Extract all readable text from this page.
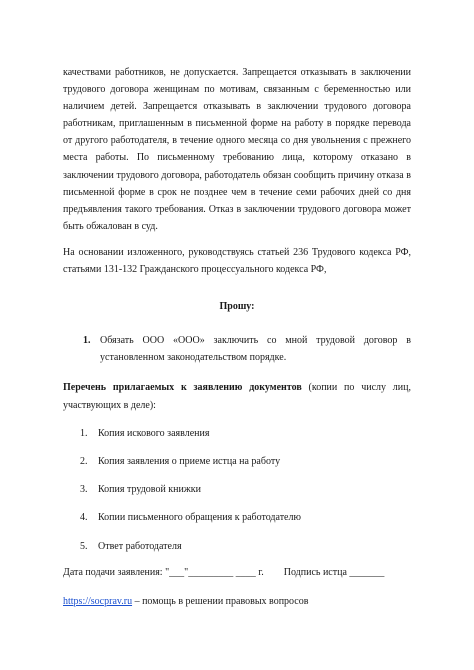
качествами работников, не допускается. Запрещается отказывать в заключении трудового договора женщинам по мотивам, связанным с беременностью или наличием детей. Запрещается отказывать в заключении трудового договора работникам, приглашенным в письменной форме на работу в порядке перевода от другого работодателя, в течение одного месяца со дня увольнения с прежнего места работы. По письменному требованию лица, которому отказано в заключении трудового договора, работодатель обязан сообщить причину отказа в письменной форме в срок не позднее чем в течение семи рабочих дней со дня предъявления такого требования. Отказ в заключении трудового договора может быть обжалован в суд.

На основании изложенного, руководствуясь статьей 236 Трудового кодекса РФ, статьями 131-132 Гражданского процессуального кодекса РФ,

Прошу:
1. Обязать ООО «ООО» заключить со мной трудовой договор в установленном законодательством порядке.
Перечень прилагаемых к заявлению документов (копии по числу лиц, участвующих в деле):
1. Копия искового заявления
2. Копия заявления о приеме истца на работу
3. Копия трудовой книжки
4. Копии письменного обращения к работодателю
5. Ответ работодателя
Дата подачи заявления: "___"_________ ____ г. Подпись истца _______
https://socprav.ru – помощь в решении правовых вопросов
